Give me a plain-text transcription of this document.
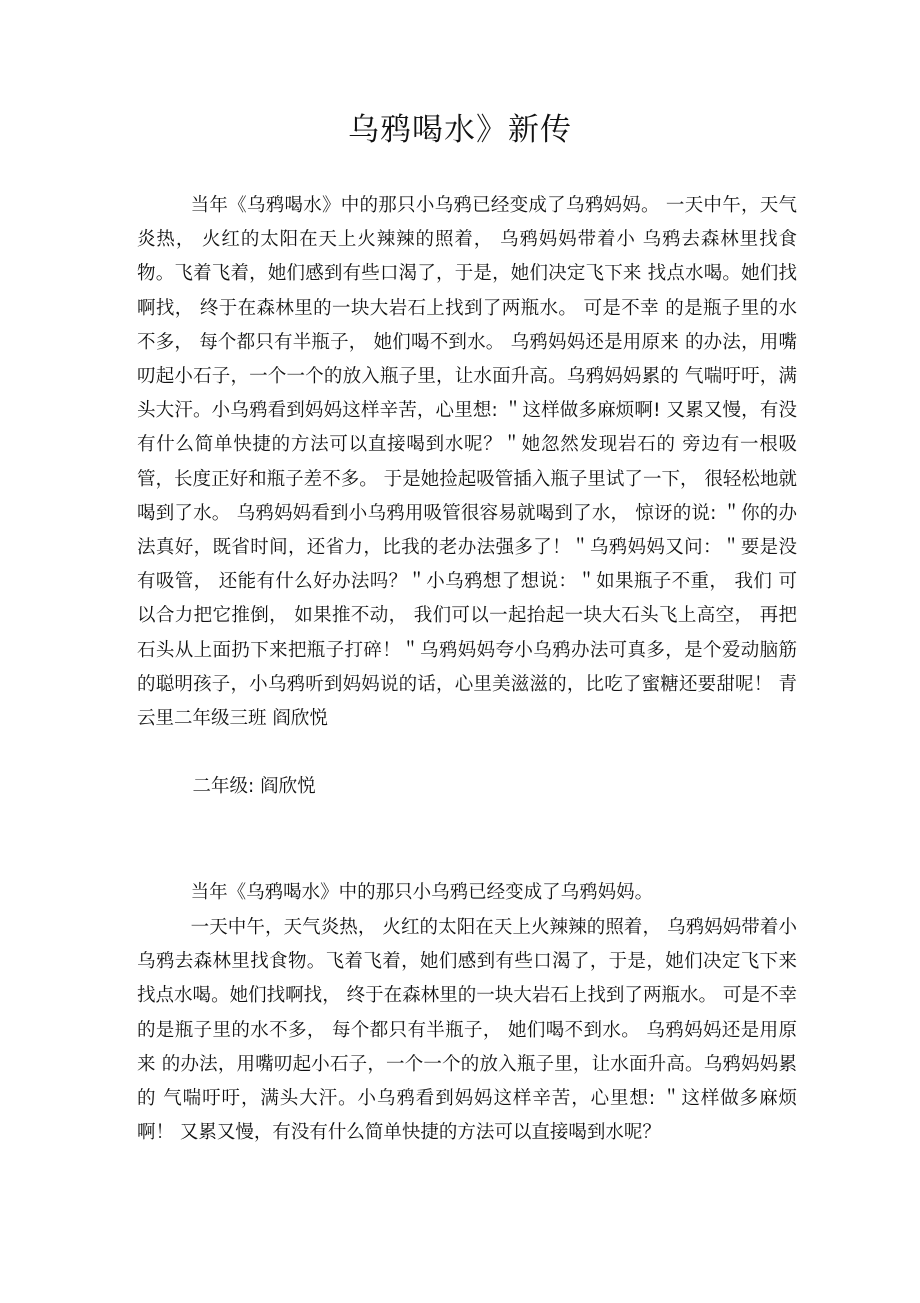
乌鸦喝水》新传

当年《乌鸦喝水》中的那只小乌鸦已经变成了乌鸦妈妈。 一天中午，天气炎热， 火红的太阳在天上火辣辣的照着， 乌鸦妈妈带着小 乌鸦去森林里找食物。飞着飞着，她们感到有些口渴了，于是，她们决定飞下来 找点水喝。她们找啊找， 终于在森林里的一块大岩石上找到了两瓶水。 可是不幸 的是瓶子里的水不多， 每个都只有半瓶子， 她们喝不到水。 乌鸦妈妈还是用原来 的办法，用嘴叨起小石子，一个一个的放入瓶子里，让水面升高。乌鸦妈妈累的 气喘吁吁，满头大汗。小乌鸦看到妈妈这样辛苦，心里想: ＂这样做多麻烦啊! 又累又慢，有没有什么简单快捷的方法可以直接喝到水呢？＂她忽然发现岩石的 旁边有一根吸管，长度正好和瓶子差不多。 于是她捡起吸管插入瓶子里试了一下， 很轻松地就喝到了水。 乌鸦妈妈看到小乌鸦用吸管很容易就喝到了水， 惊讶的说: ＂你的办法真好，既省时间，还省力，比我的老办法强多了！＂乌鸦妈妈又问：＂要是没有吸管， 还能有什么好办法吗？＂小乌鸦想了想说：＂如果瓶子不重， 我们 可以合力把它推倒， 如果推不动， 我们可以一起抬起一块大石头飞上高空， 再把 石头从上面扔下来把瓶子打碎！＂乌鸦妈妈夸小乌鸦办法可真多，是个爱动脑筋 的聪明孩子，小乌鸦听到妈妈说的话，心里美滋滋的，比吃了蜜糖还要甜呢！ 青云里二年级三班 阎欣悦

二年级: 阎欣悦

当年《乌鸦喝水》中的那只小乌鸦已经变成了乌鸦妈妈。

一天中午，天气炎热， 火红的太阳在天上火辣辣的照着， 乌鸦妈妈带着小 乌鸦去森林里找食物。飞着飞着，她们感到有些口渴了，于是，她们决定飞下来 找点水喝。她们找啊找， 终于在森林里的一块大岩石上找到了两瓶水。 可是不幸 的是瓶子里的水不多， 每个都只有半瓶子， 她们喝不到水。 乌鸦妈妈还是用原来 的办法，用嘴叨起小石子，一个一个的放入瓶子里，让水面升高。乌鸦妈妈累的 气喘吁吁，满头大汗。小乌鸦看到妈妈这样辛苦，心里想: ＂这样做多麻烦啊！ 又累又慢，有没有什么简单快捷的方法可以直接喝到水呢？
